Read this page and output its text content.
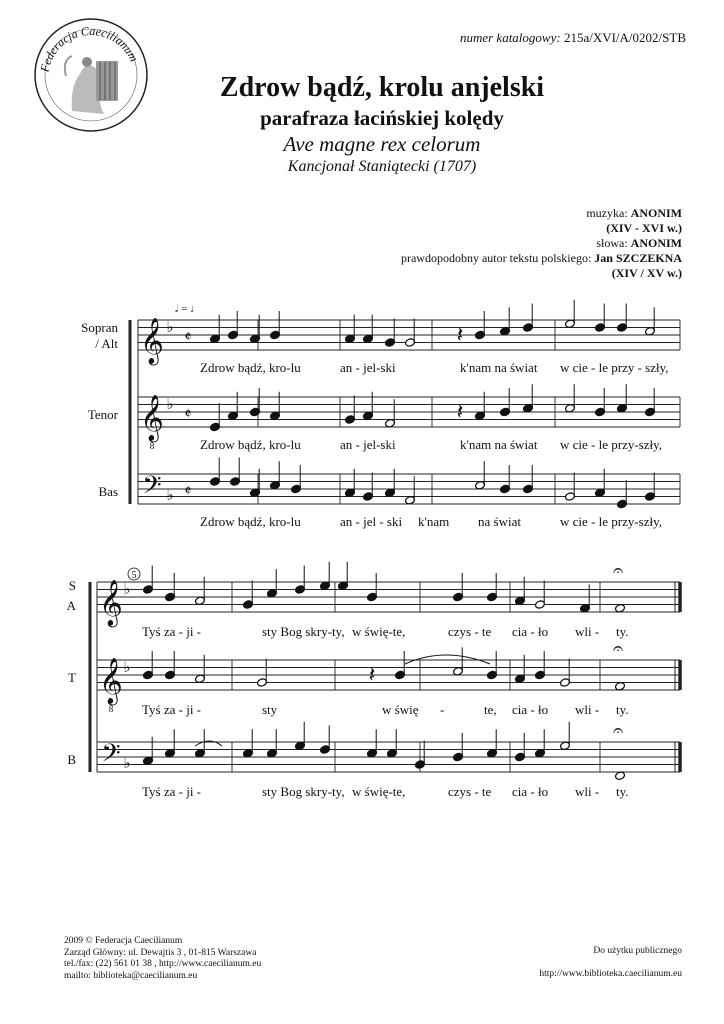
numer katalogowy: 215a/XVI/A/0202/STB
Federacja Caecilianum
Zdrow bądź, krolu anjelski
parafraza łacińskiej kolędy
Ave magne rex celorum
Kancjonał Staniątecki (1707)
muzyka: ANONIM
(XIV - XVI w.)
słowa: ANONIM
prawdopodobny autor tekstu polskiego: Jan SZCZEKNA
(XIV / XV w.)
𝄞 ♭
𝄵
𝄞
8
♭
𝄵
𝄢 ♭ 𝄵
𝄽
𝄽
Sopran
/ Alt
Tenor
Bas
𝅗𝅥 = ♩
Zdrow bądź, kro-lu	an - jel-ski	k'nam na świat w cie - le przy - szły,
Zdrow bądź, kro-lu	an - jel-ski	k'nam na świat w cie - le przy-szły,
Zdrow bądź, kro-lu	an - jel - ski k'nam na świat	w cie - le przy-szły,
𝄞 ♭
𝄐
𝄞
8
♭
𝄐
𝄢 ♭
𝄐
𝄽
5
S
A
T
B
Tyś za - ji -	sty Bog skry-ty, w świę-te,	czys - te cia - ło wli - ty.
Tyś za - ji -	sty	w świę -	te, cia - ło wli - ty.
Tyś za - ji -	sty Bog skry-ty, w świę-te,	czys - te cia - ło wli - ty.
2009 © Federacja Caecilianum
Zarząd Główny: ul. Dewajtis 3 , 01-815 Warszawa
tel./fax: (22) 561 01 38 , http://www.caecilianum.eu
mailto: biblioteka@caecilianum.eu
Do użytku publicznego
http://www.biblioteka.caecilianum.eu
